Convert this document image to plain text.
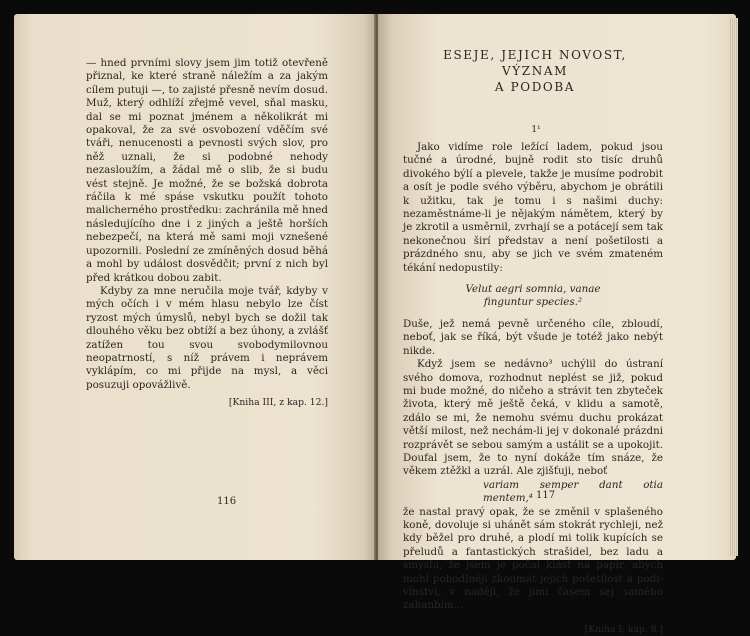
— hned prvními slovy jsem jim totiž otevřeně přiznal, ke které straně náležím a za jakým cílem putuji —, to zajisté přesně nevím dosud. Muž, který odhlíží zřejmě vevel, sňal masku, dal se mi poznat jménem a několikrát mi opakoval, že za své osvobození vděčím své tváři, nenucenosti a pevnosti svých slov, pro něž uznali, že si podobné nehody nezasloužím, a žádal mě o slib, že si budu vést stejně. Je možné, že se božská dobrota ráčila k mé spáse vskutku použít tohoto malicherného prostředku: zachránila mě hned následujícího dne i z jiných a ještě horších nebezpečí, na která mě sami moji vznešené upozornili. Poslední ze zmíněných dosud běhá a mohl by událost dosvědčit; první z nich byl před krátkou dobou zabit.

Kdyby za mne neručila moje tvář, kdyby v mých očích i v mém hlasu nebylo lze číst ryzost mých úmyslů, nebyl bych se dožil tak dlouhého věku bez obtíží a bez úhony, a zvlášť zatížen tou svou svobodymilovnou neopatrností, s níž právem i neprávem vyklápím, co mi přijde na mysl, a věci posuzuji opovážlivě.

[Kniha III, z kap. 12.]
116
ESEJE, JEJICH NOVOST, VÝZNAM
A PODOBA
1¹

Jako vidíme role ležící ladem, pokud jsou tučné a úrodné, bujně rodit sto tisíc druhů divokého býlí a plevele, takže je musíme podrobit a osít je podle svého výběru, abychom je obrátili k užitku, tak je tomu i s našimi duchy: nezaměstnáme-li je nějakým námětem, který by je zkrotil a usměrnil, zvrhají se a potácejí sem tak nekonečnou širí představ a není pošetilosti a prázdného snu, aby se jich ve svém zmateném tékání nedopustily:

Velut aegri somnia, vanae
finguntur species.²

Duše, jež nemá pevně určeného cíle, zbloudí, neboť, jak se říká, být všude je totéž jako nebýt nikde.

Když jsem se nedávno³ uchýlil do ústraní svého domova, rozhodnut neplést se již, pokud mi bude možné, do ničeho a strávit ten zbyteček života, který mě ještě čeká, v klidu a samotě, zdálo se mi, že nemohu svému duchu prokázat větší milost, než nechám-li jej v dokonalé prázdni rozprávět se sebou samým a ustálit se a upokojit. Doufal jsem, že to nyní dokáže tím snáze, že věkem ztěžkl a uzrál. Ale zjišťuji, neboť

variam semper dant otia mentem,⁴

že nastal pravý opak, že se změnil v splašeného koně, dovoluje si uhánět sám stokrát rychleji, než kdy běžel pro druhé, a plodí mi tolik kupících se přeludů a fantastických strašidel, bez ladu a smyslu, že jsem je počal klást na papír, abych mohl pohodlněji zkoumat jejich pošetilost a podivínství, v naději, že jimi časem sej samého zahanbím...

[Kniha I, kap. 8.]
117
